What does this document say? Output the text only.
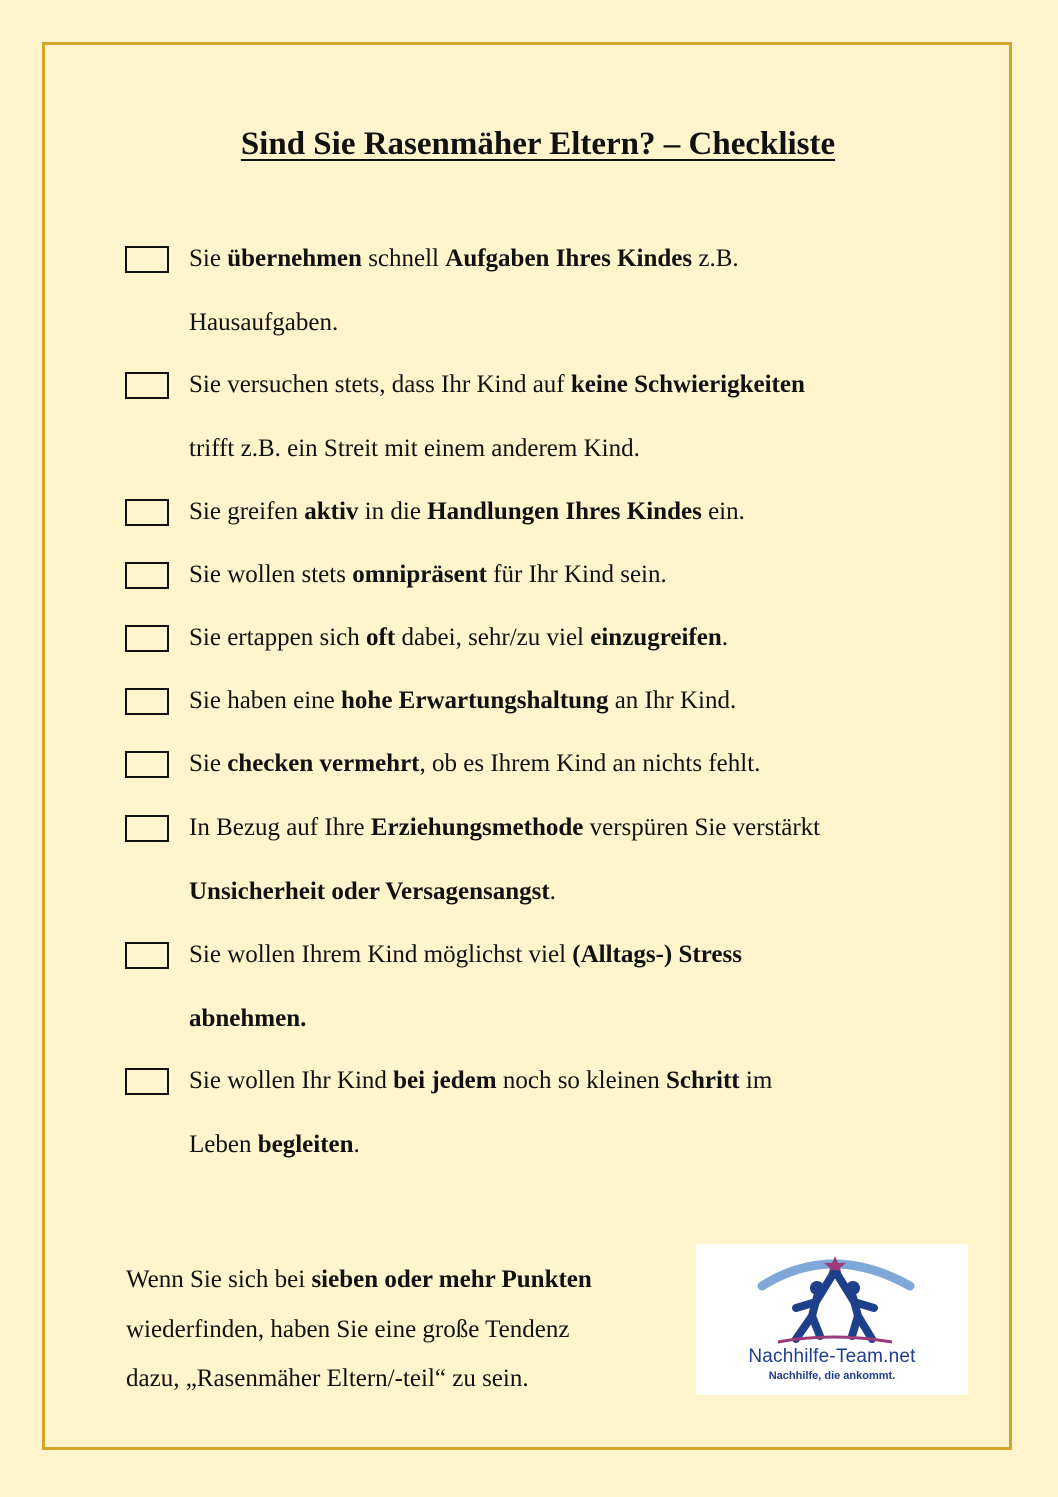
Sind Sie Rasenmäher Eltern? – Checkliste
Sie übernehmen schnell Aufgaben Ihres Kindes z.B.
Hausaufgaben.
Sie versuchen stets, dass Ihr Kind auf keine Schwierigkeiten
trifft z.B. ein Streit mit einem anderem Kind.
Sie greifen aktiv in die Handlungen Ihres Kindes ein.
Sie wollen stets omnipräsent für Ihr Kind sein.
Sie ertappen sich oft dabei, sehr/zu viel einzugreifen.
Sie haben eine hohe Erwartungshaltung an Ihr Kind.
Sie checken vermehrt, ob es Ihrem Kind an nichts fehlt.
In Bezug auf Ihre Erziehungsmethode verspüren Sie verstärkt
Unsicherheit oder Versagensangst.
Sie wollen Ihrem Kind möglichst viel (Alltags-) Stress
abnehmen.
Sie wollen Ihr Kind bei jedem noch so kleinen Schritt im
Leben begleiten.
Wenn Sie sich bei sieben oder mehr Punkten
wiederfinden, haben Sie eine große Tendenz
dazu, „Rasenmäher Eltern/-teil“ zu sein.
Nachhilfe-Team.net
Nachhilfe, die ankommt.
